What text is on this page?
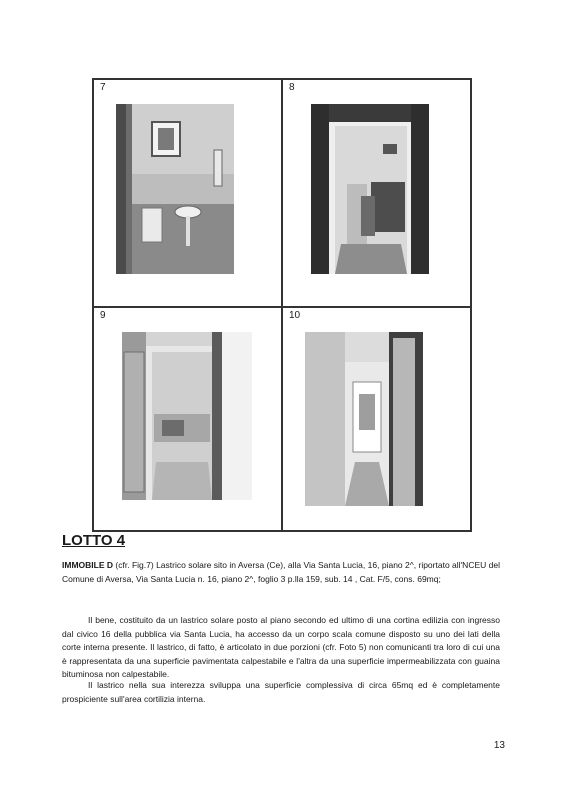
7	8
9	10
LOTTO 4

IMMOBILE D (cfr. Fig.7) Lastrico solare sito in Aversa (Ce), alla Via Santa Lucia, 16, piano 2^, riportato all'NCEU del Comune di Aversa, Via Santa Lucia n. 16, piano 2^, foglio 3 p.lla 159, sub. 14 , Cat. F/5, cons. 69mq;

Il bene, costituito da un lastrico solare posto al piano secondo ed ultimo di una cortina edilizia con ingresso dal civico 16 della pubblica via Santa Lucia, ha accesso da un corpo scala comune disposto su uno dei lati della corte interna presente. Il lastrico, di fatto, è articolato in due porzioni (cfr. Foto 5) non comunicanti tra loro di cui una è rappresentata da una superficie pavimentata calpestabile e l'altra da una superficie impermeabilizzata con guaina bituminosa non calpestabile.

Il lastrico nella sua interezza sviluppa una superficie complessiva di circa 65mq ed è completamente prospiciente sull'area cortilizia interna.

13
